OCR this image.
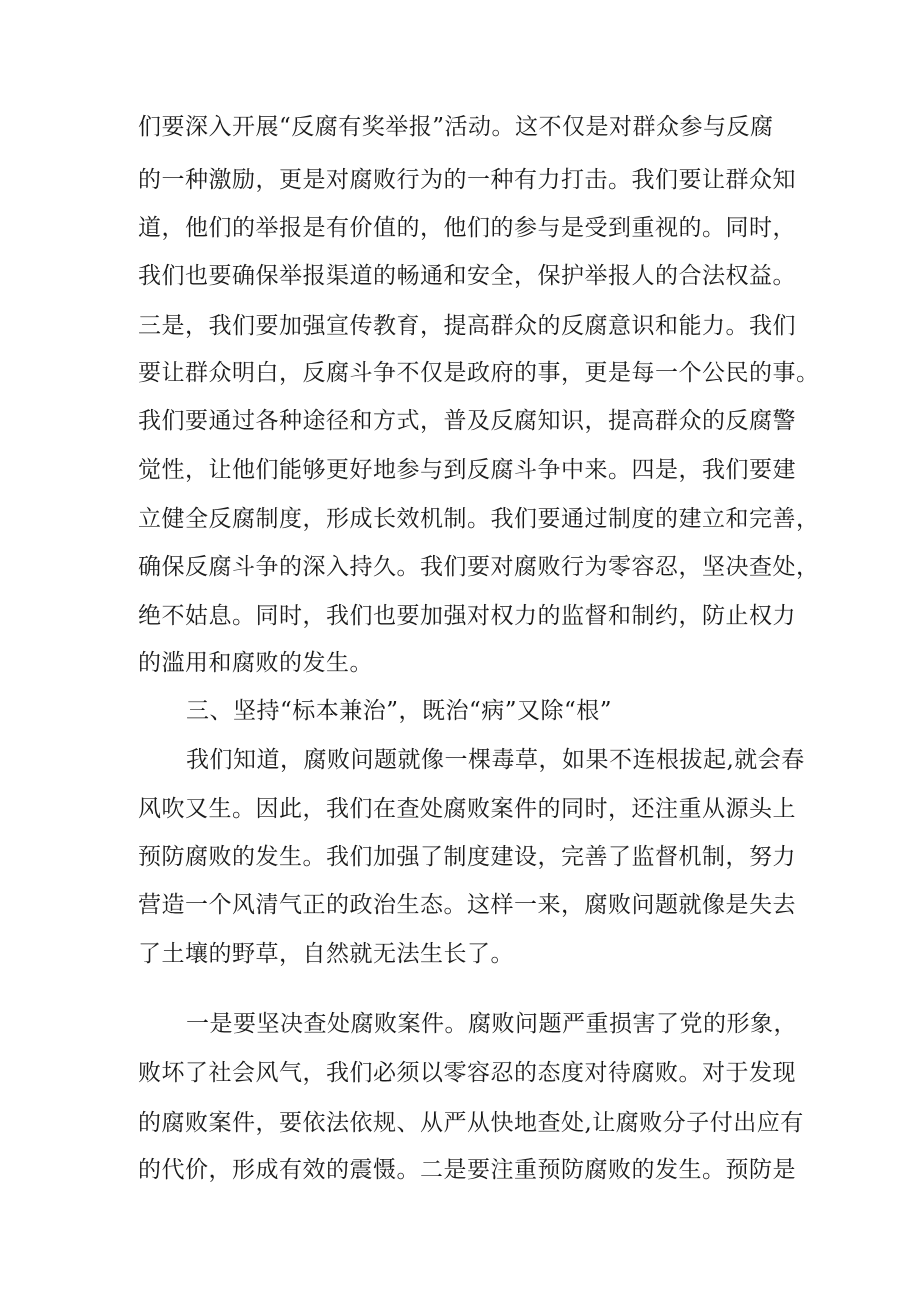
们要深入开展“反腐有奖举报”活动。这不仅是对群众参与反腐
的一种激励，更是对腐败行为的一种有力打击。我们要让群众知
道，他们的举报是有价值的，他们的参与是受到重视的。同时，
我们也要确保举报渠道的畅通和安全，保护举报人的合法权益。
三是，我们要加强宣传教育，提高群众的反腐意识和能力。我们
要让群众明白，反腐斗争不仅是政府的事，更是每一个公民的事。
我们要通过各种途径和方式，普及反腐知识，提高群众的反腐警
觉性，让他们能够更好地参与到反腐斗争中来。四是，我们要建
立健全反腐制度，形成长效机制。我们要通过制度的建立和完善，
确保反腐斗争的深入持久。我们要对腐败行为零容忍，坚决查处，
绝不姑息。同时，我们也要加强对权力的监督和制约，防止权力
的滥用和腐败的发生。
三、坚持“标本兼治”，既治“病”又除“根”
我们知道，腐败问题就像一棵毒草，如果不连根拔起,就会春
风吹又生。因此，我们在查处腐败案件的同时，还注重从源头上
预防腐败的发生。我们加强了制度建设，完善了监督机制，努力
营造一个风清气正的政治生态。这样一来，腐败问题就像是失去
了土壤的野草，自然就无法生长了。
一是要坚决查处腐败案件。腐败问题严重损害了党的形象，
败坏了社会风气，我们必须以零容忍的态度对待腐败。对于发现
的腐败案件，要依法依规、从严从快地查处,让腐败分子付出应有
的代价，形成有效的震慑。二是要注重预防腐败的发生。预防是
